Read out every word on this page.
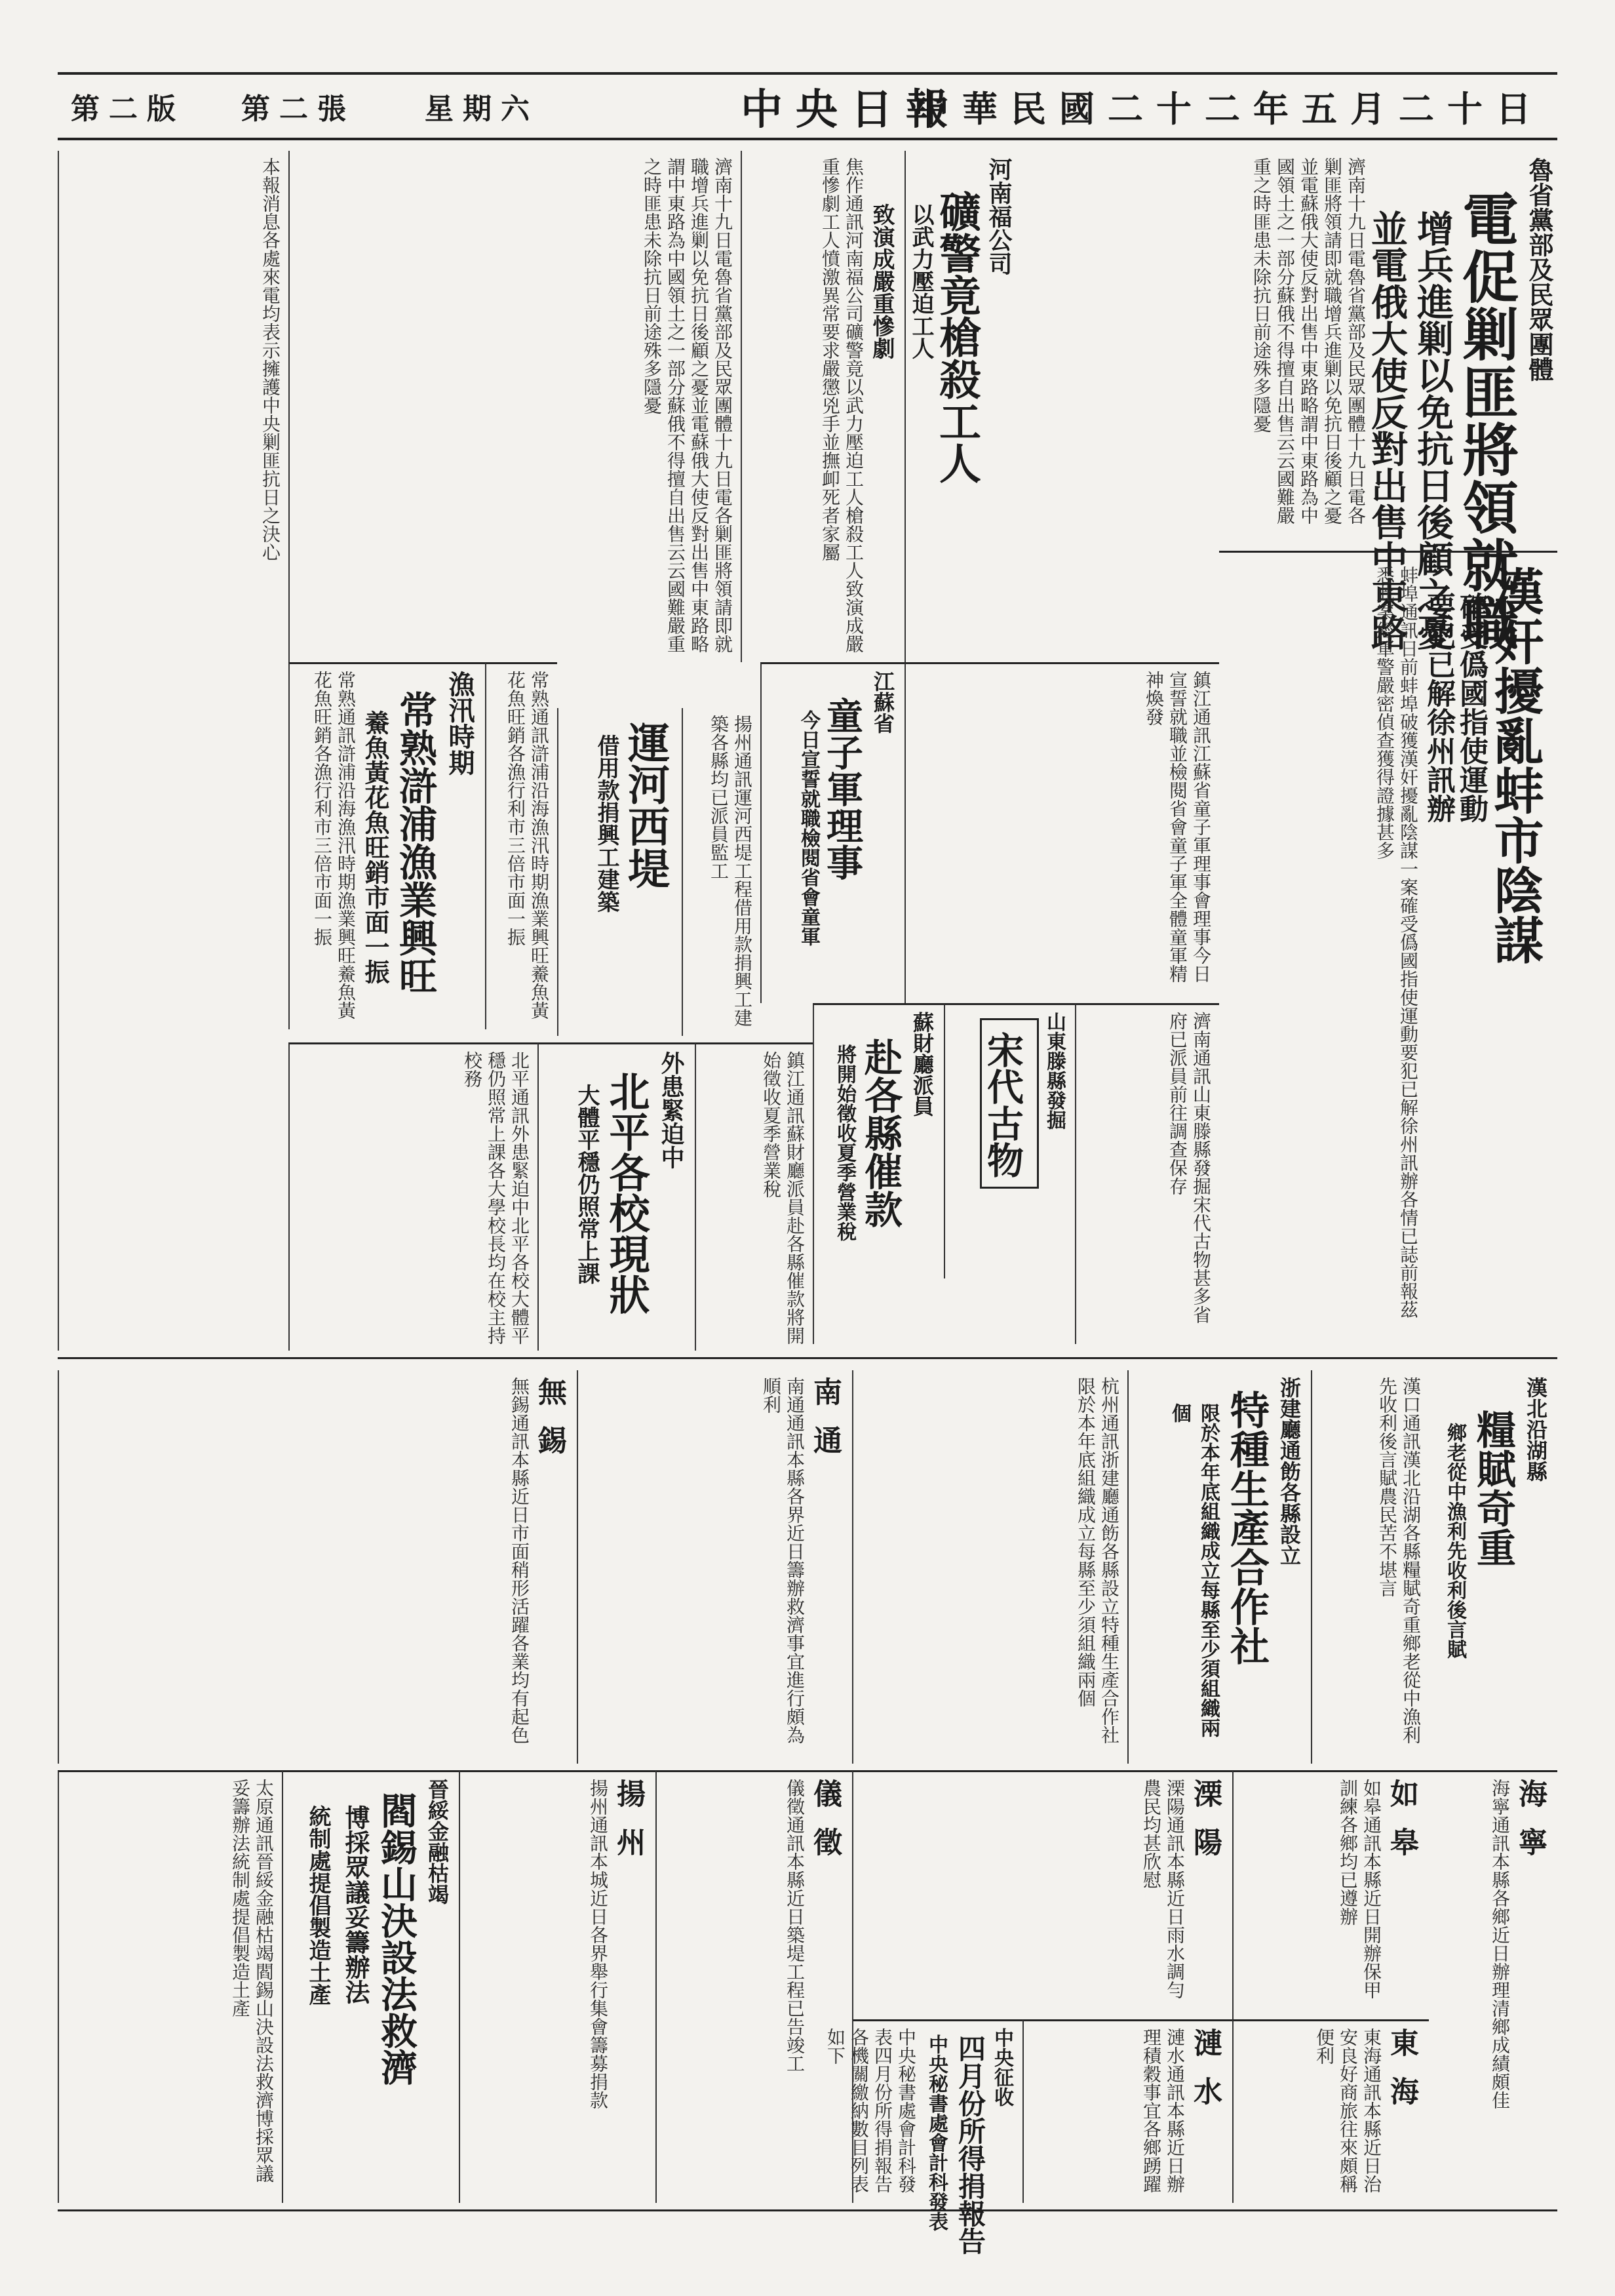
中華民國二十二年五月二十日
中央日報
星期六
第二張
第二版
魯省黨部及民眾團體
電促剿匪將領就職
增兵進剿以免抗日後顧之憂
並電俄大使反對出售中東路
濟南十九日電魯省黨部及民眾團體十九日電各剿匪將領請即就職增兵進剿以免抗日後顧之憂並電蘇俄大使反對出售中東路略謂中東路為中國領土之一部分蘇俄不得擅自出售云云國難嚴重之時匪患未除抗日前途殊多隱憂
漢奸擾亂蚌市陰謀
確受僞國指使運動
要犯已解徐州訊辦
蚌埠通訊日前蚌埠破獲漢奸擾亂陰謀一案確受僞國指使運動要犯已解徐州訊辦各情已誌前報茲悉此案經軍警嚴密偵查獲得證據甚多
河南福公司
礦警竟槍殺工人
以武力壓迫工人
致演成嚴重慘劇
焦作通訊河南福公司礦警竟以武力壓迫工人槍殺工人致演成嚴重慘劇工人憤激異常要求嚴懲兇手並撫卹死者家屬
江蘇省
童子軍理事
今日宣誓就職檢閱省會童軍
漁汛時期
常熟滸浦漁業興旺
鯗魚黃花魚旺銷市面一振
常熟通訊滸浦沿海漁汛時期漁業興旺鯗魚黃花魚旺銷各漁行利市三倍市面一振	運河西堤
借用款捐興工建築
外患緊迫中
北平各校現狀
大體平穩仍照常上課
北平通訊外患緊迫中北平各校大體平穩仍照常上課各大學校長均在校主持校務	山東滕縣發掘
宋代古物
蘇財廳派員
赴各縣催款
將開始徵收夏季營業稅
本報消息各處來電均表示擁護中央剿匪抗日之決心	濟南十九日電魯省黨部及民眾團體十九日電各剿匪將領請即就職增兵進剿以免抗日後顧之憂並電蘇俄大使反對出售中東路略謂中東路為中國領土之一部分蘇俄不得擅自出售云云國難嚴重之時匪患未除抗日前途殊多隱憂
鎮江通訊蘇財廳派員赴各縣催款將開始徵收夏季營業稅	濟南通訊山東滕縣發掘宋代古物甚多省府已派員前往調查保存
鎮江通訊江蘇省童子軍理事會理事今日宣誓就職並檢閱省會童子軍全體童軍精神煥發
揚州通訊運河西堤工程借用款捐興工建築各縣均已派員監工
常熟通訊滸浦沿海漁汛時期漁業興旺鯗魚黃花魚旺銷各漁行利市三倍市面一振
漢北沿湖縣
糧賦奇重
鄉老從中漁利先收利後言賦
漢口通訊漢北沿湖各縣糧賦奇重鄉老從中漁利先收利後言賦農民苦不堪言
浙建廳通飭各縣設立
特種生產合作社
限於本年底組織成立每縣至少須組織兩個
杭州通訊浙建廳通飭各縣設立特種生產合作社限於本年底組織成立每縣至少須組織兩個
南通
南通通訊本縣各界近日籌辦救濟事宜進行頗為順利
無錫
無錫通訊本縣近日市面稍形活躍各業均有起色
海寧
海寧通訊本縣各鄉近日辦理清鄉成績頗佳
如皋
如皋通訊本縣近日開辦保甲訓練各鄉均已遵辦
東海
東海通訊本縣近日治安良好商旅往來頗稱便利
溧陽
溧陽通訊本縣近日雨水調勻農民均甚欣慰
漣水
漣水通訊本縣近日辦理積穀事宜各鄉踴躍
中央征收
四月份所得捐報告
中央秘書處會計科發表
中央秘書處會計科發表四月份所得捐報告各機關繳納數目列表如下
儀徵
儀徵通訊本縣近日築堤工程已告竣工
揚州
揚州通訊本城近日各界舉行集會籌募捐款
晉綏金融枯竭
閻錫山決設法救濟
博採眾議妥籌辦法
統制處提倡製造土產
太原通訊晉綏金融枯竭閻錫山決設法救濟博採眾議妥籌辦法統制處提倡製造土產
